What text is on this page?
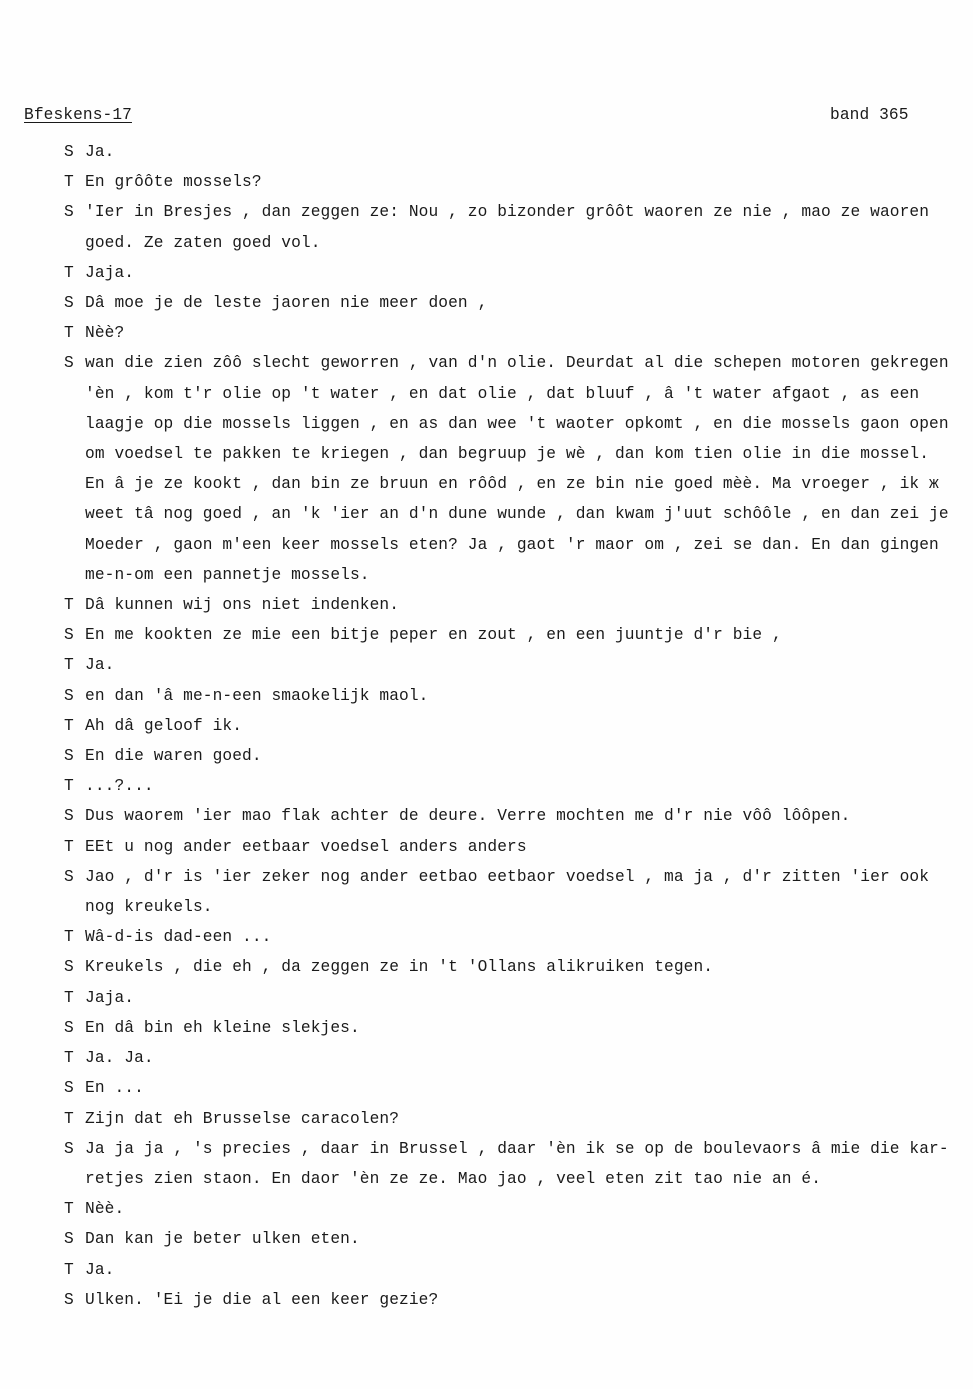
Bfeskens-17	band 365
S Ja.
T En grôôte mossels?
S 'Ier in Bresjes , dan zeggen ze: Nou , zo bizonder grôôt waoren ze nie , mao ze waoren
goed. Ze zaten goed vol.
T Jaja.
S Dâ moe je de leste jaoren nie meer doen ,
T Nèè?
S wan die zien zôô slecht geworren , van d'n olie. Deurdat al die schepen motoren gekregen
'èn , kom t'r olie op 't water , en dat olie , dat bluuf , â 't water afgaot , as een
laagje op die mossels liggen , en as dan wee 't waoter opkomt , en die mossels gaon open
om voedsel te pakken te kriegen , dan begruup je wè , dan kom tien olie in die mossel.
En â je ze kookt , dan bin ze bruun en rôôd , en ze bin nie goed mèè. Ma vroeger , ik ж
weet tâ nog goed , an 'k 'ier an d'n dune wunde , dan kwam j'uut schôôle , en dan zei je
Moeder , gaon m'een keer mossels eten? Ja , gaot 'r maor om , zei se dan. En dan gingen
me-n-om een pannetje mossels.
T Dâ kunnen wij ons niet indenken.
S En me kookten ze mie een bitje peper en zout , en een juuntje d'r bie ,
T Ja.
S en dan 'â me-n-een smaokelijk maol.
T Ah dâ geloof ik.
S En die waren goed.
T ...?...
S Dus waorem 'ier mao flak achter de deure. Verre mochten me d'r nie vôô lôôpen.
T EEt u nog ander eetbaar voedsel anders anders
S Jao , d'r is 'ier zeker nog ander eetbao eetbaor voedsel , ma ja , d'r zitten 'ier ook
nog kreukels.
T Wâ-d-is dad-een ...
S Kreukels , die eh , da zeggen ze in 't 'Ollans alikruiken tegen.
T Jaja.
S En dâ bin eh kleine slekjes.
T Ja. Ja.
S En ...
T Zijn dat eh Brusselse caracolen?
S Ja ja ja , 's precies , daar in Brussel , daar 'èn ik se op de boulevaors â mie die kar-
retjes zien staon. En daor 'èn ze ze. Mao jao , veel eten zit tao nie an é.
T Nèè.
S Dan kan je beter ulken eten.
T Ja.
S Ulken. 'Ei je die al een keer gezie?
